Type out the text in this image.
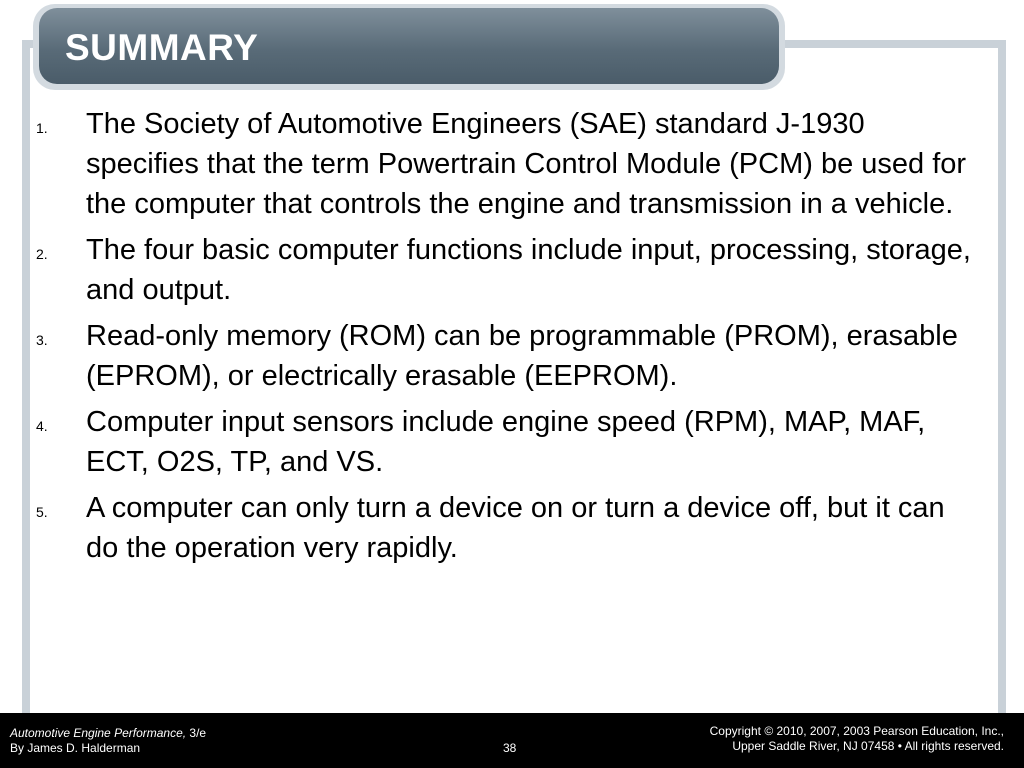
SUMMARY
1.	The Society of Automotive Engineers (SAE) standard J-1930 specifies that the term Powertrain Control Module (PCM) be used for the computer that controls the engine and transmission in a vehicle.
2.	The four basic computer functions include input, processing, storage, and output.
3.	Read-only memory (ROM) can be programmable (PROM), erasable (EPROM), or electrically erasable (EEPROM).
4.	Computer input sensors include engine speed (RPM), MAP, MAF, ECT, O2S, TP, and VS.
5.	A computer can only turn a device on or turn a device off, but it can do the operation very rapidly.
Automotive Engine Performance, 3/e
By James D. Halderman	38
Copyright © 2010, 2007, 2003 Pearson Education, Inc.,
Upper Saddle River, NJ 07458 • All rights reserved.
